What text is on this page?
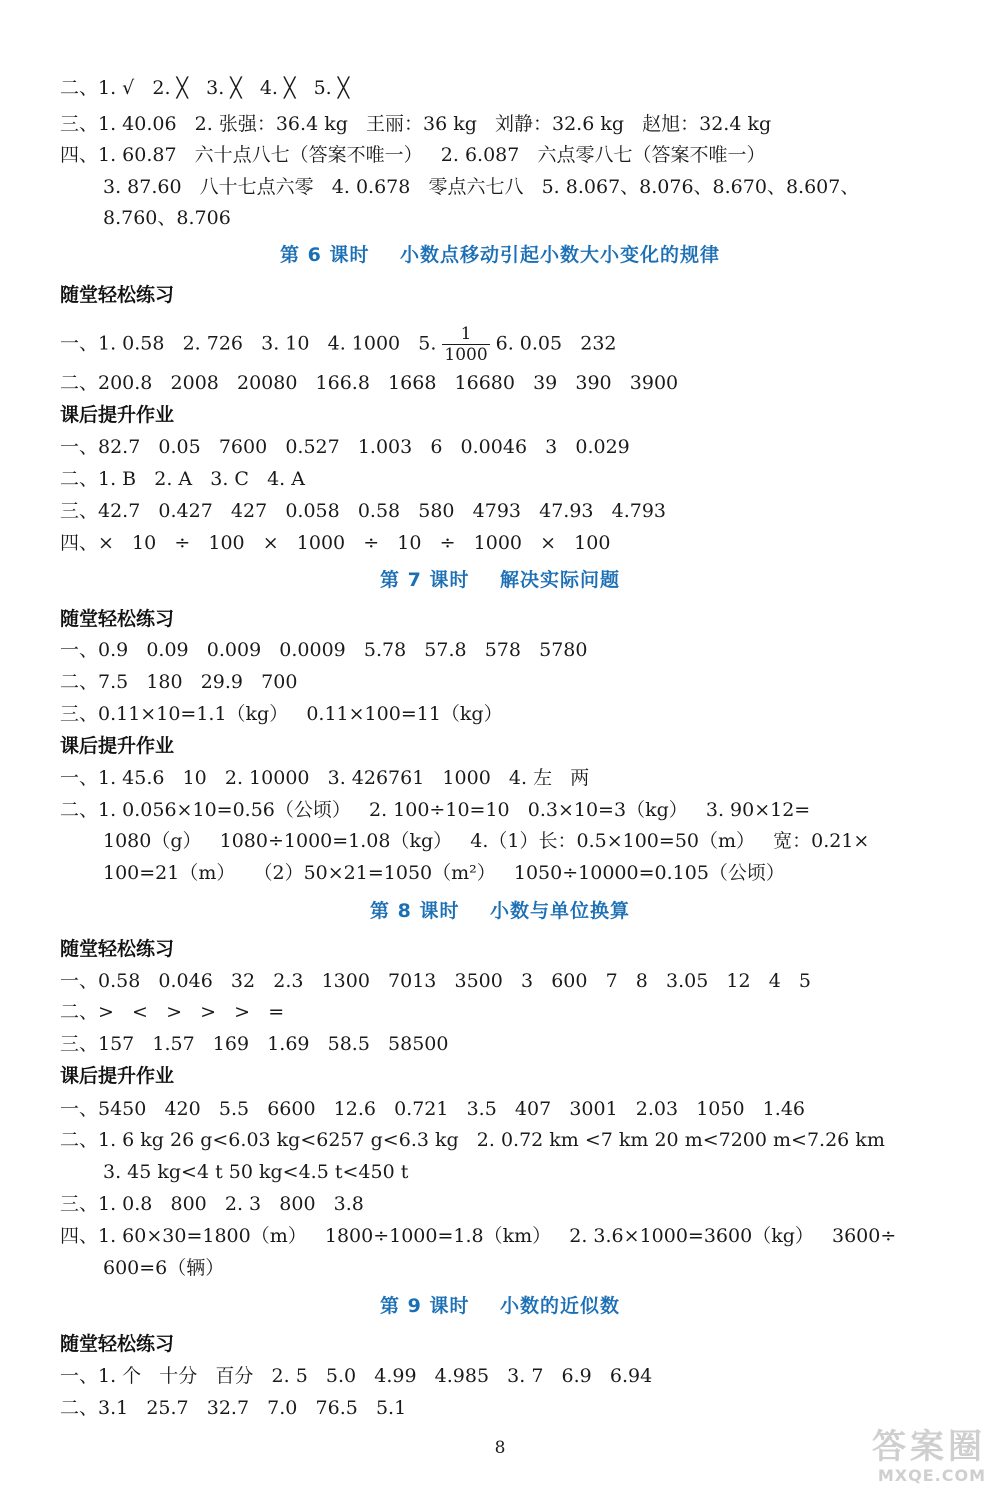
二、1. √   2. ╳   3. ╳   4. ╳   5. ╳
三、1. 40.06   2. 张强：36.4 kg   王丽：36 kg   刘静：32.6 kg   赵旭：32.4 kg
四、1. 60.87   六十点八七（答案不唯一）   2. 6.087   六点零八七（答案不唯一）
3. 87.60   八十七点六零   4. 0.678   零点六七八   5. 8.067、8.076、8.670、8.607、
8.760、8.706
第 6 课时    小数点移动引起小数大小变化的规律
随堂轻松练习
一、1. 0.58   2. 726   3. 10   4. 1000   5. $\frac{1}{1000} 6$. 0.05   232
二、200.8   2008   20080   166.8   1668   16680   39   390   3900
课后提升作业
一、82.7   0.05   7600   0.527   1.003   6   0.0046   3   0.029
二、1. B   2. A   3. C   4. A
三、42.7   0.427   427   0.058   0.58   580   4793   47.93   4.793
四、×   10   ÷   100   ×   1000   ÷   10   ÷   1000   ×   100
第 7 课时    解决实际问题
随堂轻松练习
一、0.9   0.09   0.009   0.0009   5.78   57.8   578   5780
二、7.5   180   29.9   700
三、0.11×10=1.1（kg）   0.11×100=11（kg）
课后提升作业
一、1. 45.6   10   2. 10000   3. 426761   1000   4. 左   两
二、1. 0.056×10=0.56（公顷）   2. 100÷10=10   0.3×10=3（kg）   3. 90×12=
1080（g）   1080÷1000=1.08（kg）   4.（1）长：0.5×100=50（m）   宽：0.21×
100=21（m）   （2）50×21=1050（m²）   1050÷10000=0.105（公顷）
第 8 课时    小数与单位换算
随堂轻松练习
一、0.58   0.046   32   2.3   1300   7013   3500   3   600   7   8   3.05   12   4   5
二、>   <   >   >   >   =
三、157   1.57   169   1.69   58.5   58500
课后提升作业
一、5450   420   5.5   6600   12.6   0.721   3.5   407   3001   2.03   1050   1.46
二、1. 6 kg 26 g<6.03 kg<6257 g<6.3 kg   2. 0.72 km <7 km 20 m<7200 m<7.26 km
3. 45 kg<4 t 50 kg<4.5 t<450 t
三、1. 0.8   800   2. 3   800   3.8
四、1. 60×30=1800（m）   1800÷1000=1.8（km）   2. 3.6×1000=3600（kg）   3600÷
600=6（辆）
第 9 课时    小数的近似数
随堂轻松练习
一、1. 个   十分   百分   2. 5   5.0   4.99   4.985   3. 7   6.9   6.94
二、3.1   25.7   32.7   7.0   76.5   5.1
8	答案圈
MXQE.COM
